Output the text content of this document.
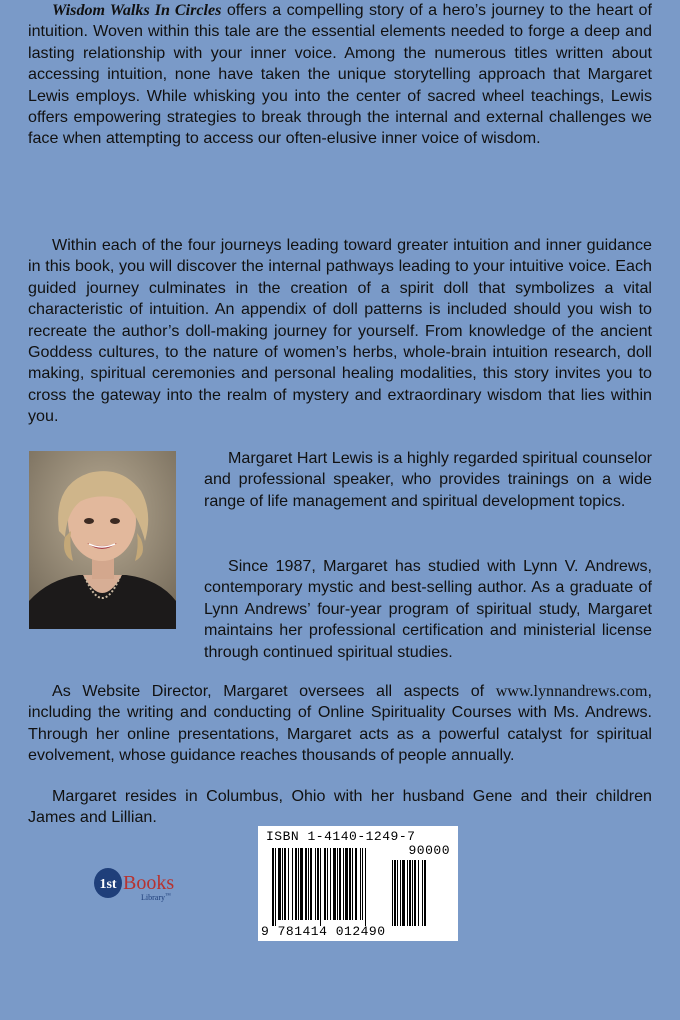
Wisdom Walks In Circles offers a compelling story of a hero’s journey to the heart of intuition. Woven within this tale are the essential elements needed to forge a deep and lasting relationship with your inner voice. Among the numerous titles written about accessing intuition, none have taken the unique storytelling approach that Margaret Lewis employs. While whisking you into the center of sacred wheel teachings, Lewis offers empowering strategies to break through the internal and external challenges we face when attempting to access our often-elusive inner voice of wisdom.

Within each of the four journeys leading toward greater intuition and inner guidance in this book, you will discover the internal pathways leading to your intuitive voice. Each guided journey culminates in the creation of a spirit doll that symbolizes a vital characteristic of intuition. An appendix of doll patterns is included should you wish to recreate the author’s doll-making journey for yourself. From knowledge of the ancient Goddess cultures, to the nature of women’s herbs, whole-brain intuition research, doll making, spiritual ceremonies and personal healing modalities, this story invites you to cross the gateway into the realm of mystery and extraordinary wisdom that lies within you.

Margaret Hart Lewis is a highly regarded spiritual counselor and professional speaker, who provides trainings on a wide range of life management and spiritual development topics.

Since 1987, Margaret has studied with Lynn V. Andrews, contemporary mystic and best-selling author. As a graduate of Lynn Andrews’ four-year program of spiritual study, Margaret maintains her professional certification and ministerial license through continued spiritual studies.

As Website Director, Margaret oversees all aspects of www.lynnandrews.com, including the writing and conducting of Online Spirituality Courses with Ms. Andrews. Through her online presentations, Margaret acts as a powerful catalyst for spiritual evolvement, whose guidance reaches thousands of people annually.

Margaret resides in Columbus, Ohio with her husband Gene and their children James and Lillian.

1st Books
Library ™
ISBN 1-4140-1249-7
90000
9 781414 012490
